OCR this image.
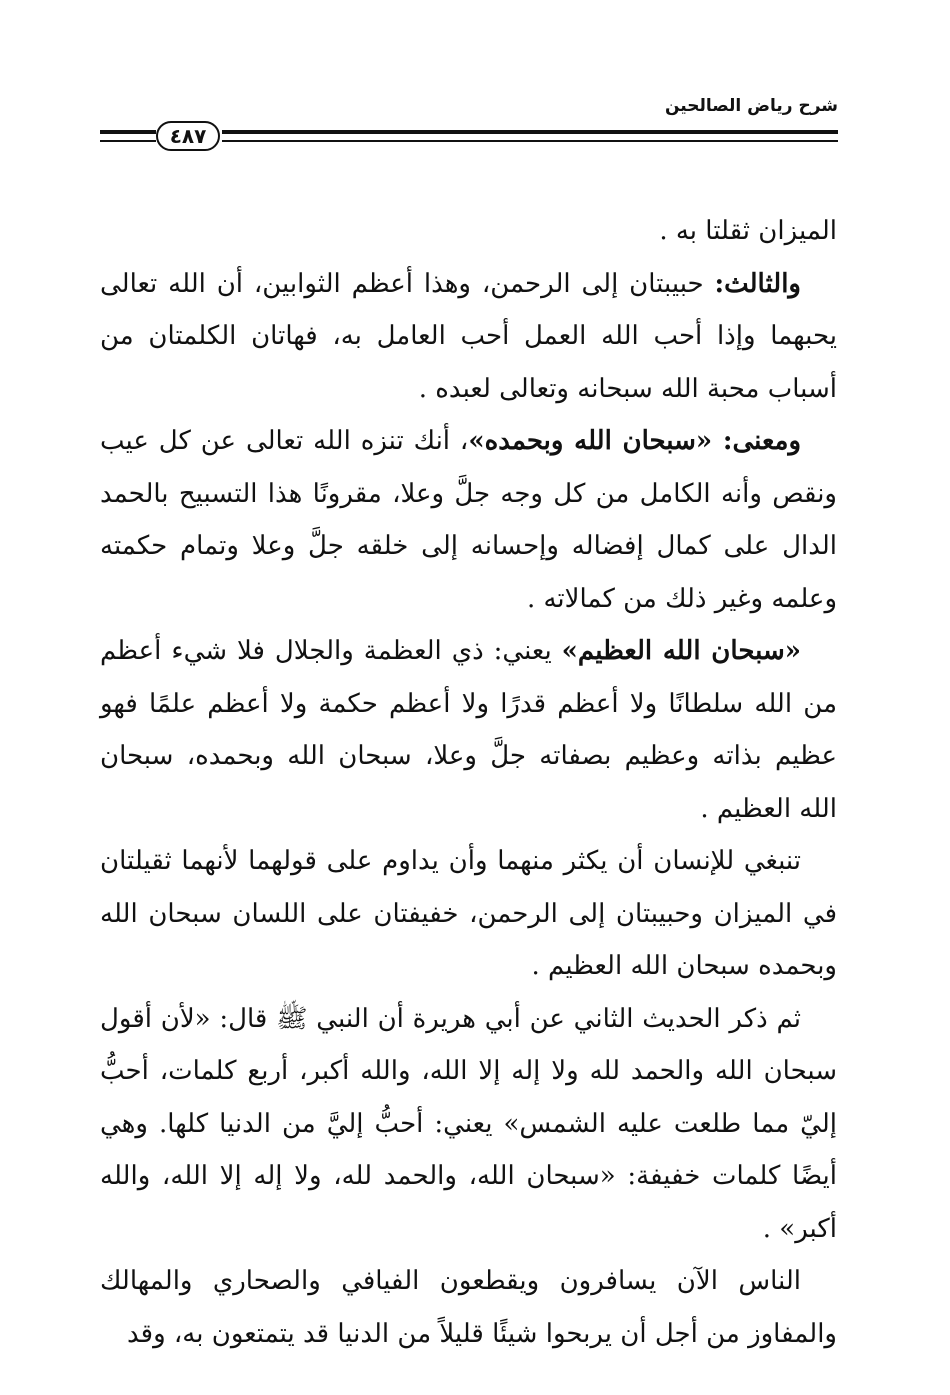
شرح رياض الصالحين
٤٨٧

الميزان ثقلتا به .

والثالث: حبيبتان إلى الرحمن، وهذا أعظم الثوابين، أن الله تعالى يحبهما وإذا أحب الله العمل أحب العامل به، فهاتان الكلمتان من أسباب محبة الله سبحانه وتعالى لعبده .

ومعنى: «سبحان الله وبحمده»، أنك تنزه الله تعالى عن كل عيب ونقص وأنه الكامل من كل وجه جلَّ وعلا، مقرونًا هذا التسبيح بالحمد الدال على كمال إفضاله وإحسانه إلى خلقه جلَّ وعلا وتمام حكمته وعلمه وغير ذلك من كمالاته .

«سبحان الله العظيم» يعني: ذي العظمة والجلال فلا شيء أعظم من الله سلطانًا ولا أعظم قدرًا ولا أعظم حكمة ولا أعظم علمًا فهو عظيم بذاته وعظيم بصفاته جلَّ وعلا، سبحان الله وبحمده، سبحان الله العظيم .

تنبغي للإنسان أن يكثر منهما وأن يداوم على قولهما لأنهما ثقيلتان في الميزان وحبيبتان إلى الرحمن، خفيفتان على اللسان سبحان الله وبحمده سبحان الله العظيم .

ثم ذكر الحديث الثاني عن أبي هريرة أن النبي ﷺ قال: «لأن أقول سبحان الله والحمد لله ولا إله إلا الله، والله أكبر، أربع كلمات، أحبُّ إليّ مما طلعت عليه الشمس» يعني: أحبُّ إليَّ من الدنيا كلها. وهي أيضًا كلمات خفيفة: «سبحان الله، والحمد لله، ولا إله إلا الله، والله أكبر» .

الناس الآن يسافرون ويقطعون الفيافي والصحاري والمهالك والمفاوز من أجل أن يربحوا شيئًا قليلاً من الدنيا قد يتمتعون به، وقد
